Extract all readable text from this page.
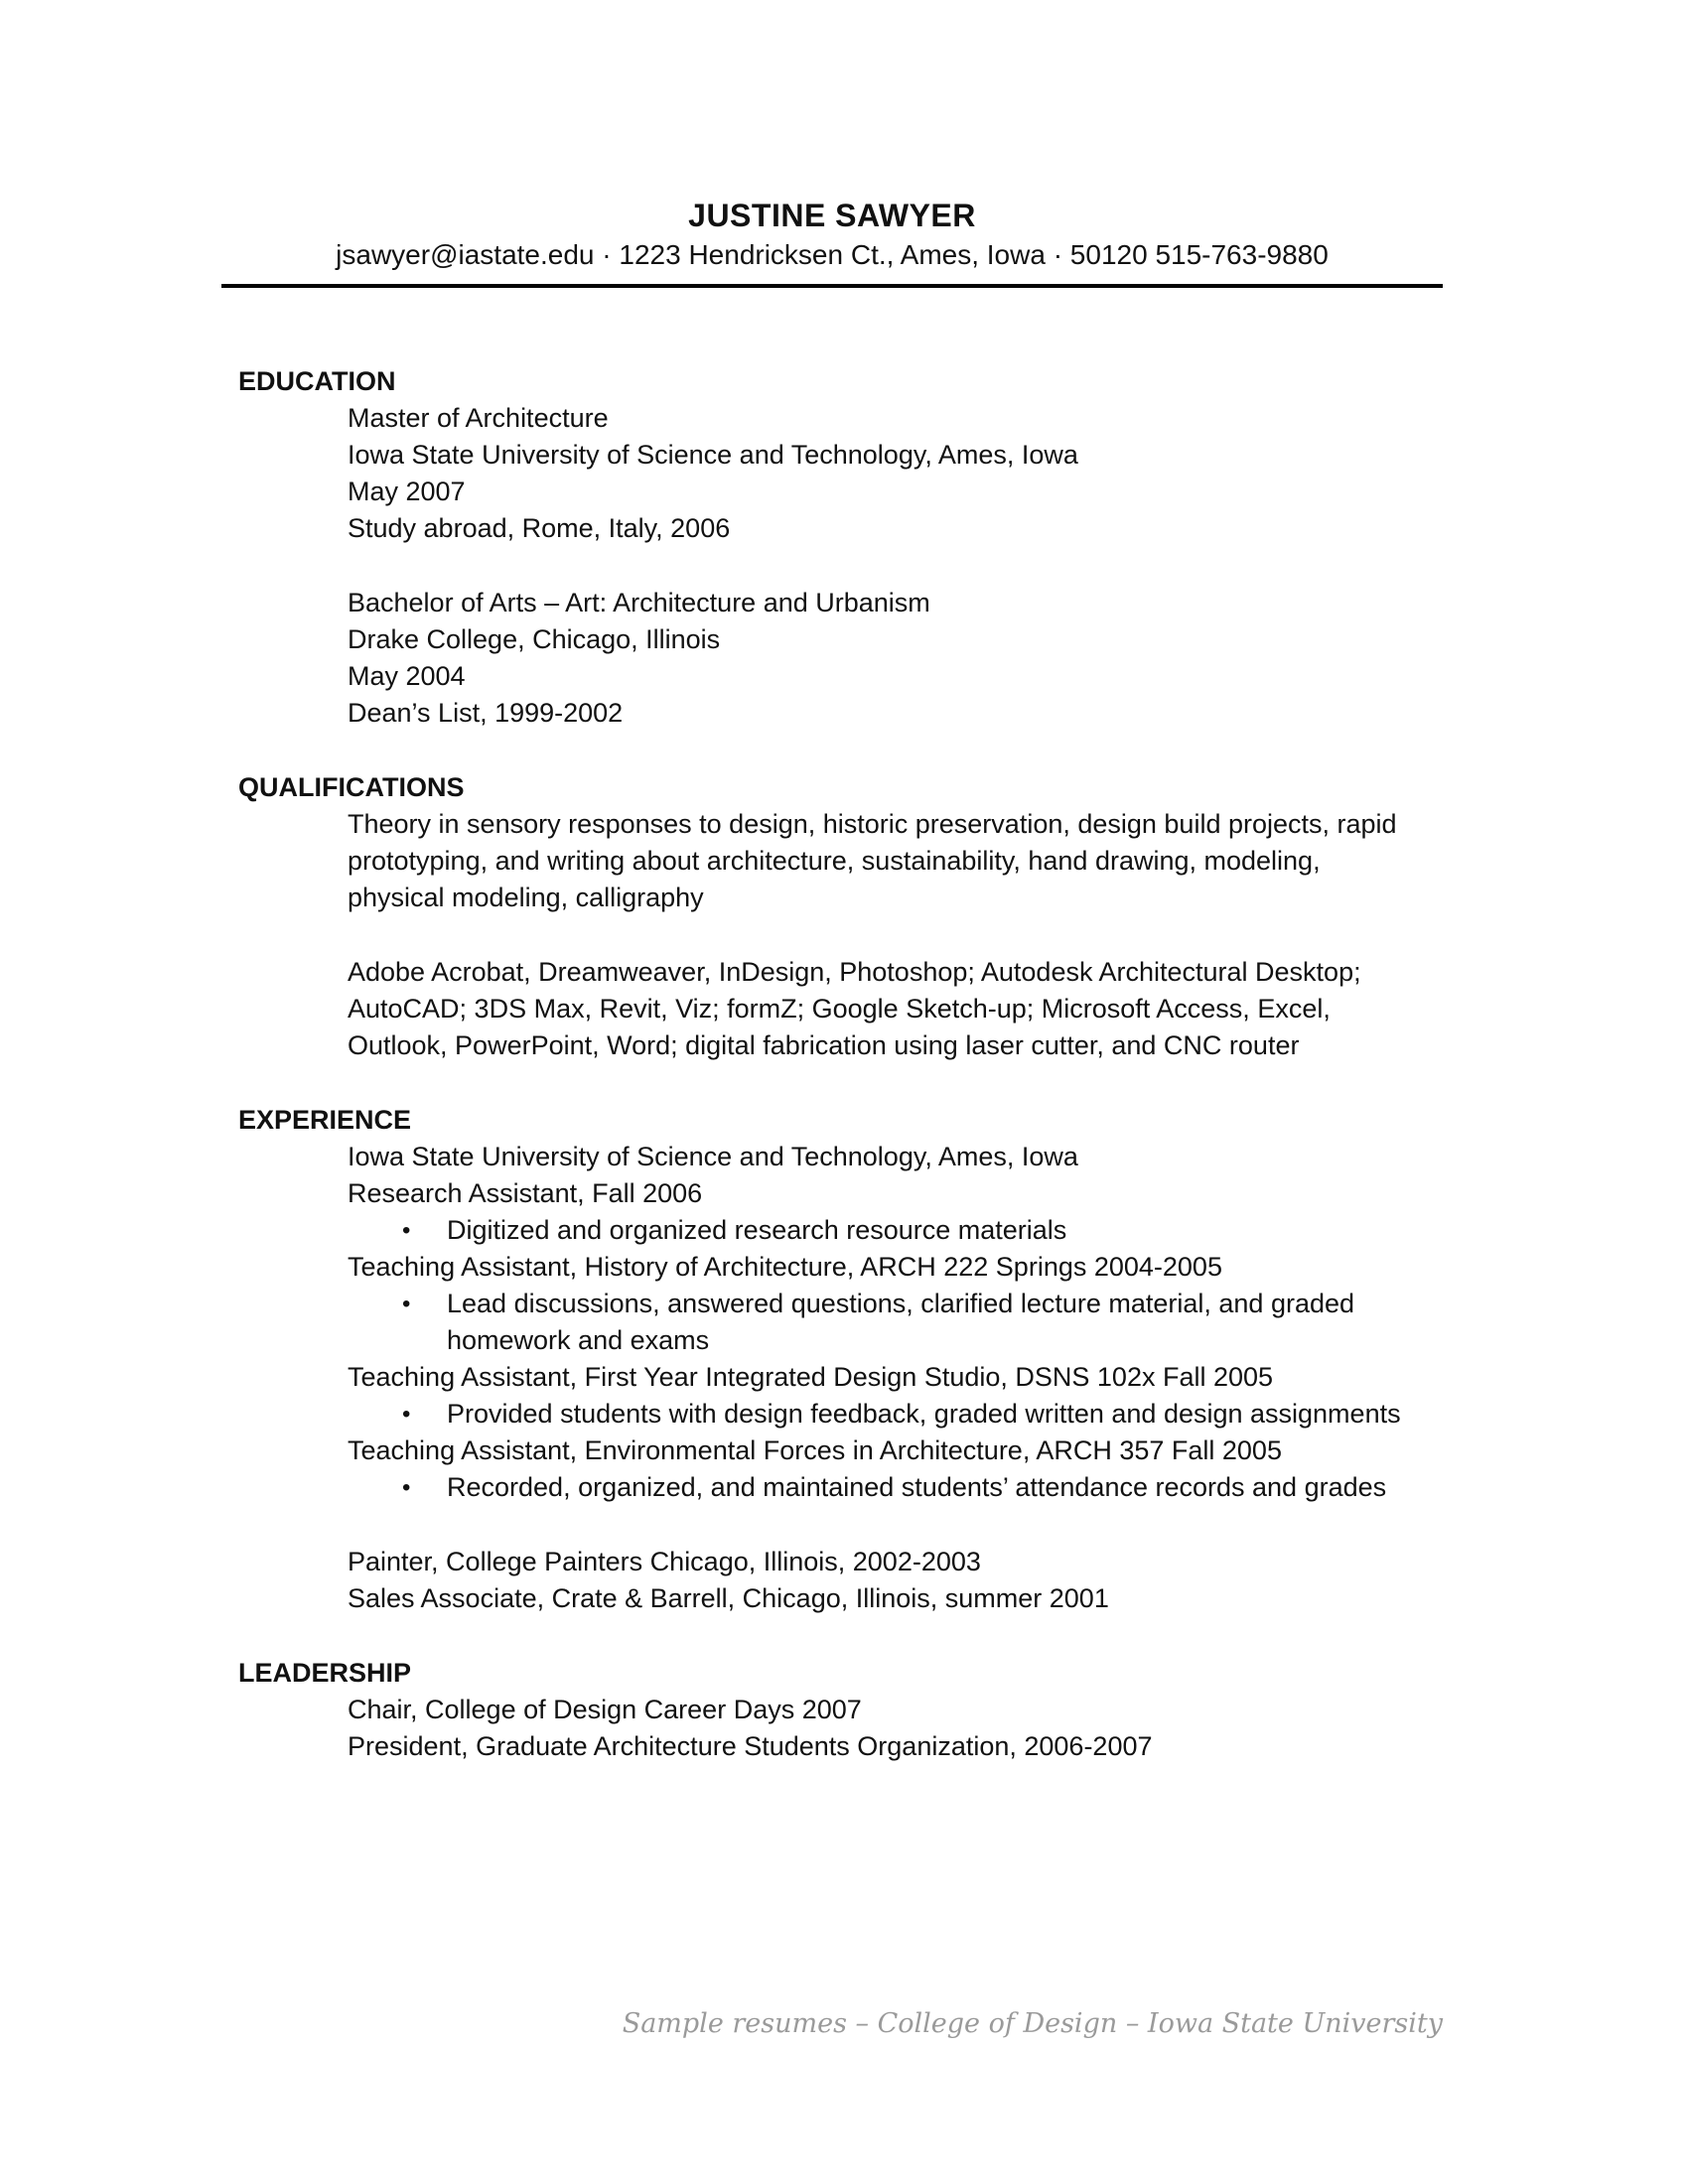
JUSTINE SAWYER
jsawyer@iastate.edu · 1223 Hendricksen Ct., Ames, Iowa · 50120 515-763-9880
EDUCATION
Master of Architecture
Iowa State University of Science and Technology, Ames, Iowa
May 2007
Study abroad, Rome, Italy, 2006
Bachelor of Arts – Art: Architecture and Urbanism
Drake College, Chicago, Illinois
May 2004
Dean’s List, 1999-2002
QUALIFICATIONS
Theory in sensory responses to design, historic preservation, design build projects, rapid
prototyping, and writing about architecture, sustainability, hand drawing, modeling,
physical modeling, calligraphy
Adobe Acrobat, Dreamweaver, InDesign, Photoshop; Autodesk Architectural Desktop;
AutoCAD; 3DS Max, Revit, Viz; formZ; Google Sketch-up; Microsoft Access, Excel,
Outlook, PowerPoint, Word; digital fabrication using laser cutter, and CNC router
EXPERIENCE
Iowa State University of Science and Technology, Ames, Iowa
Research Assistant, Fall 2006
•	Digitized and organized research resource materials
Teaching Assistant, History of Architecture, ARCH 222 Springs 2004-2005
•	Lead discussions, answered questions, clarified lecture material, and graded
homework and exams
Teaching Assistant, First Year Integrated Design Studio, DSNS 102x Fall 2005
•	Provided students with design feedback, graded written and design assignments
Teaching Assistant, Environmental Forces in Architecture, ARCH 357 Fall 2005
•	Recorded, organized, and maintained students’ attendance records and grades
Painter, College Painters Chicago, Illinois, 2002-2003
Sales Associate, Crate & Barrell, Chicago, Illinois, summer 2001
LEADERSHIP
Chair, College of Design Career Days 2007
President, Graduate Architecture Students Organization, 2006-2007
Sample resumes – College of Design – Iowa State University
